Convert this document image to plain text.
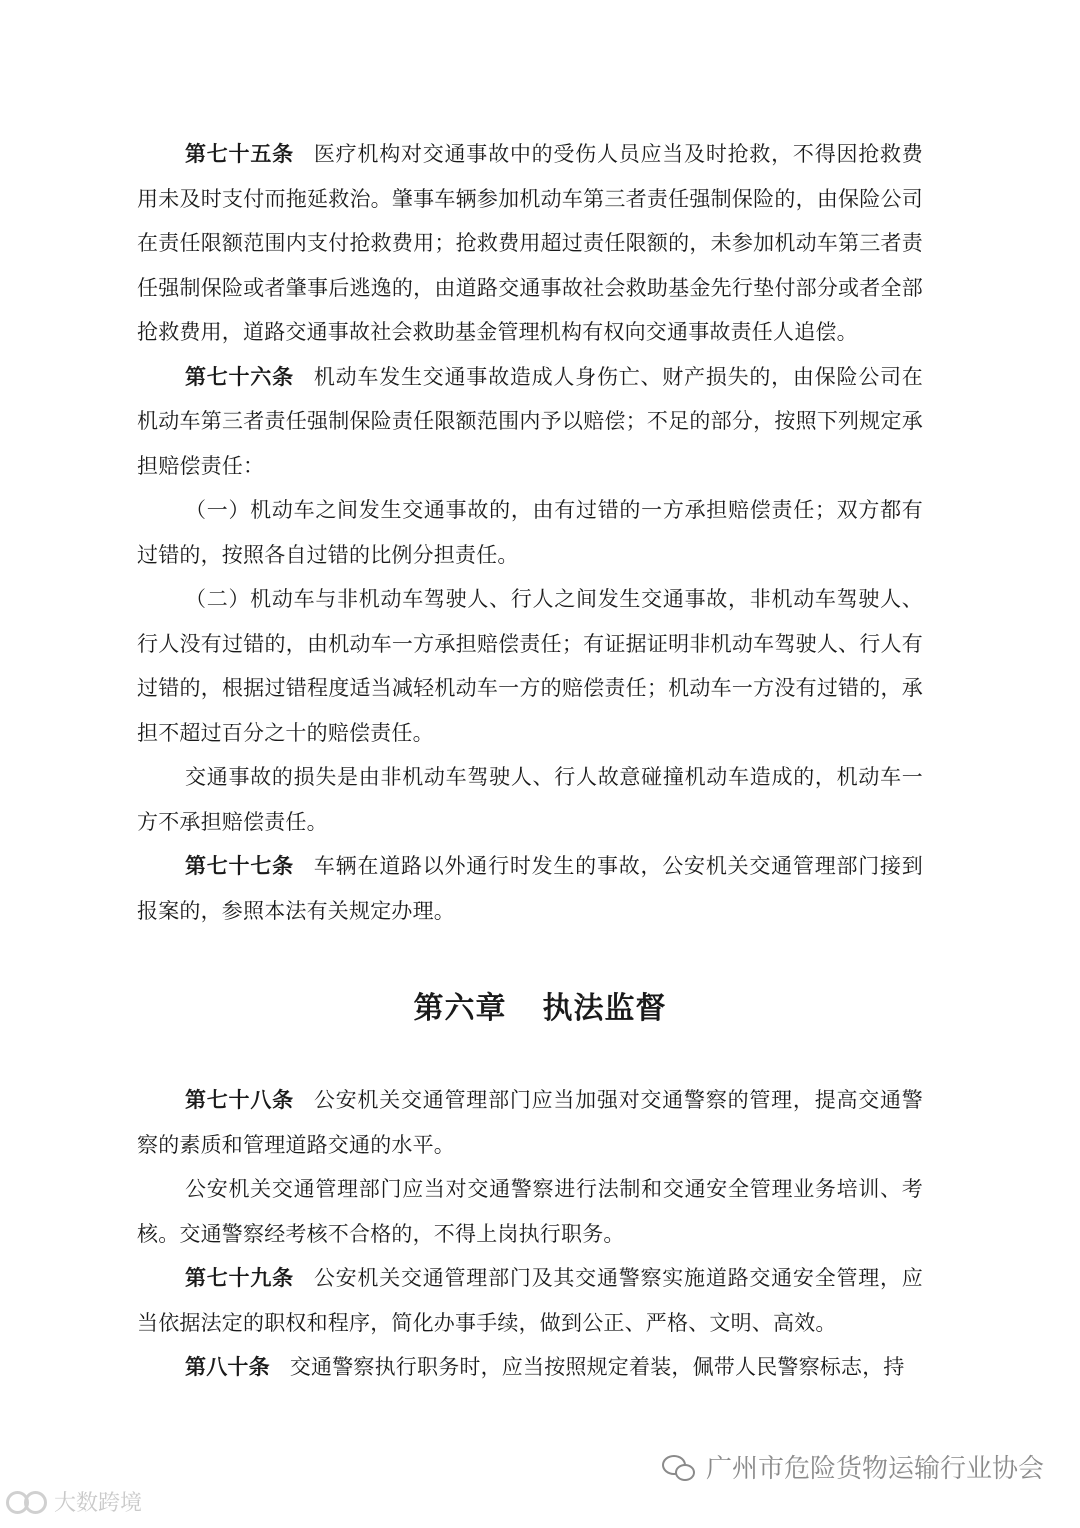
第七十五条 医疗机构对交通事故中的受伤人员应当及时抢救，不得因抢救费用未及时支付而拖延救治。肇事车辆参加机动车第三者责任强制保险的，由保险公司在责任限额范围内支付抢救费用；抢救费用超过责任限额的，未参加机动车第三者责任强制保险或者肇事后逃逸的，由道路交通事故社会救助基金先行垫付部分或者全部抢救费用，道路交通事故社会救助基金管理机构有权向交通事故责任人追偿。

第七十六条 机动车发生交通事故造成人身伤亡、财产损失的，由保险公司在机动车第三者责任强制保险责任限额范围内予以赔偿；不足的部分，按照下列规定承担赔偿责任：

（一）机动车之间发生交通事故的，由有过错的一方承担赔偿责任；双方都有过错的，按照各自过错的比例分担责任。

（二）机动车与非机动车驾驶人、行人之间发生交通事故，非机动车驾驶人、行人没有过错的，由机动车一方承担赔偿责任；有证据证明非机动车驾驶人、行人有过错的，根据过错程度适当减轻机动车一方的赔偿责任；机动车一方没有过错的，承担不超过百分之十的赔偿责任。

交通事故的损失是由非机动车驾驶人、行人故意碰撞机动车造成的，机动车一方不承担赔偿责任。

第七十七条 车辆在道路以外通行时发生的事故，公安机关交通管理部门接到报案的，参照本法有关规定办理。

第六章 执法监督

第七十八条 公安机关交通管理部门应当加强对交通警察的管理，提高交通警察的素质和管理道路交通的水平。

公安机关交通管理部门应当对交通警察进行法制和交通安全管理业务培训、考核。交通警察经考核不合格的，不得上岗执行职务。

第七十九条 公安机关交通管理部门及其交通警察实施道路交通安全管理，应当依据法定的职权和程序，简化办事手续，做到公正、严格、文明、高效。

第八十条 交通警察执行职务时，应当按照规定着装，佩带人民警察标志，持

广州市危险货物运输行业协会
大数跨境
